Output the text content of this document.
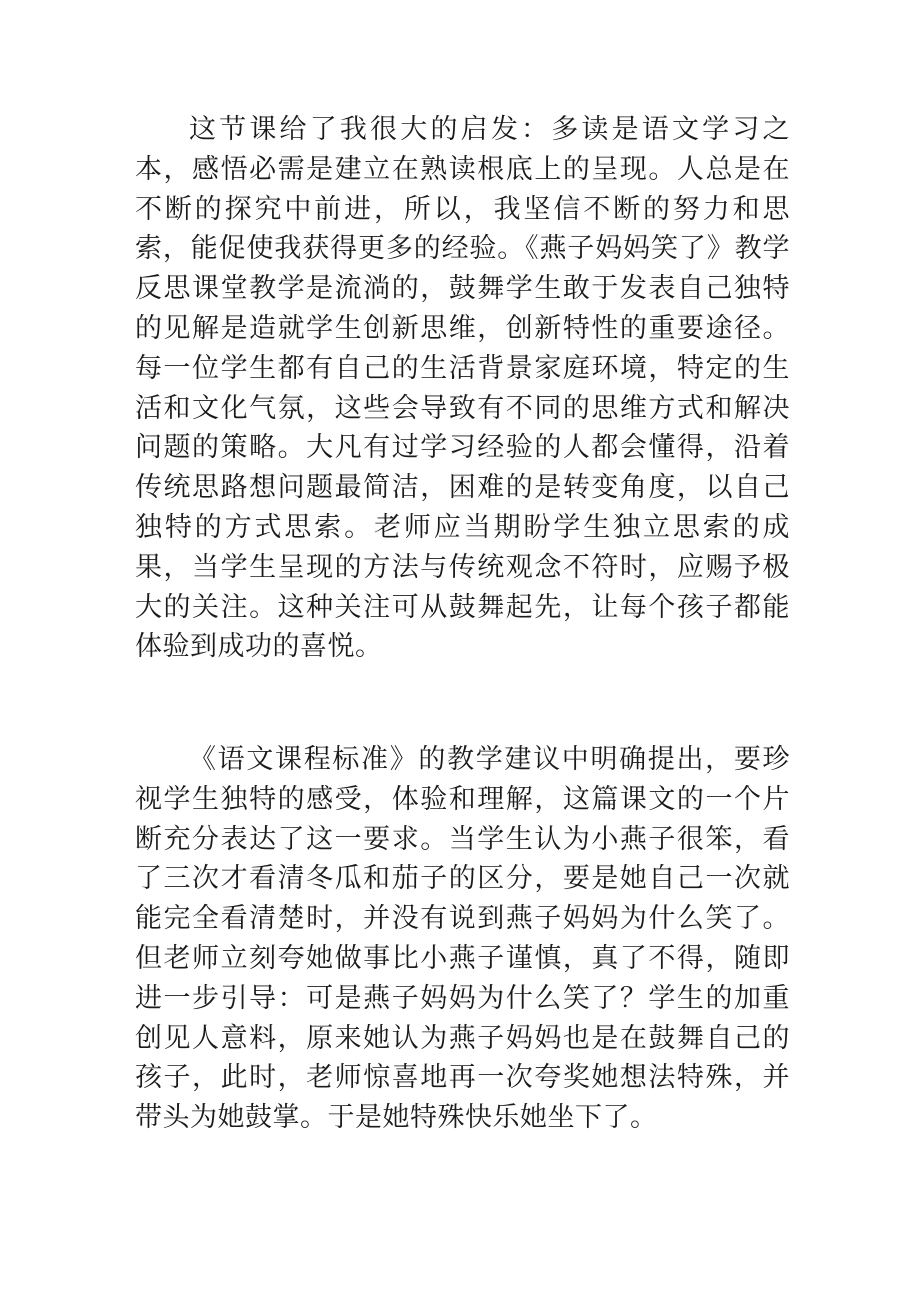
这节课给了我很大的启发：多读是语文学习之本，感悟必需是建立在熟读根底上的呈现。人总是在不断的探究中前进，所以，我坚信不断的努力和思索，能促使我获得更多的经验。《燕子妈妈笑了》教学反思课堂教学是流淌的，鼓舞学生敢于发表自己独特的见解是造就学生创新思维，创新特性的重要途径。每一位学生都有自己的生活背景家庭环境，特定的生活和文化气氛，这些会导致有不同的思维方式和解决问题的策略。大凡有过学习经验的人都会懂得，沿着传统思路想问题最简洁，困难的是转变角度，以自己独特的方式思索。老师应当期盼学生独立思索的成果，当学生呈现的方法与传统观念不符时，应赐予极大的关注。这种关注可从鼓舞起先，让每个孩子都能体验到成功的喜悦。

《语文课程标准》的教学建议中明确提出，要珍视学生独特的感受，体验和理解，这篇课文的一个片断充分表达了这一要求。当学生认为小燕子很笨，看了三次才看清冬瓜和茄子的区分，要是她自己一次就能完全看清楚时，并没有说到燕子妈妈为什么笑了。但老师立刻夸她做事比小燕子谨慎，真了不得，随即进一步引导：可是燕子妈妈为什么笑了？学生的加重创见人意料，原来她认为燕子妈妈也是在鼓舞自己的孩子，此时，老师惊喜地再一次夸奖她想法特殊，并带头为她鼓掌。于是她特殊快乐她坐下了。
